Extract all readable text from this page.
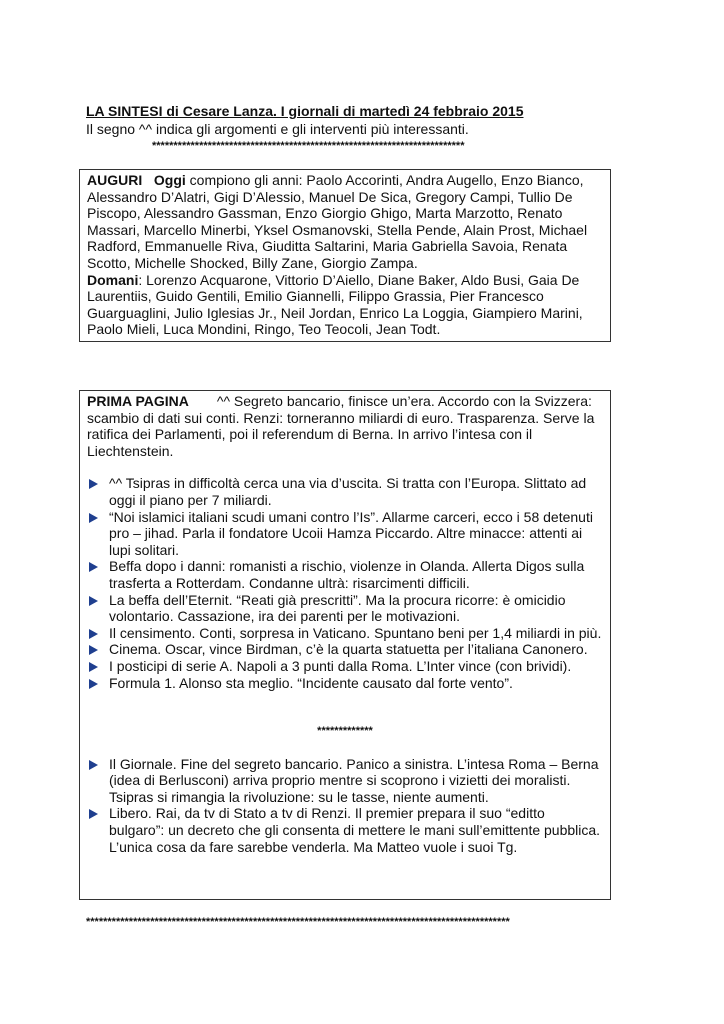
LA SINTESI di Cesare Lanza. I giornali di martedì 24 febbraio 2015
Il segno ^^ indica gli argomenti e gli interventi più interessanti.
*************************************************************************

AUGURI Oggi compiono gli anni: Paolo Accorinti, Andra Augello, Enzo Bianco, Alessandro D’Alatri, Gigi D’Alessio, Manuel De Sica, Gregory Campi, Tullio De Piscopo, Alessandro Gassman, Enzo Giorgio Ghigo, Marta Marzotto, Renato Massari, Marcello Minerbi, Yksel Osmanovski, Stella Pende, Alain Prost, Michael Radford, Emmanuelle Riva, Giuditta Saltarini, Maria Gabriella Savoia, Renata Scotto, Michelle Shocked, Billy Zane, Giorgio Zampa.

Domani: Lorenzo Acquarone, Vittorio D’Aiello, Diane Baker, Aldo Busi, Gaia De Laurentiis, Guido Gentili, Emilio Giannelli, Filippo Grassia, Pier Francesco Guarguaglini, Julio Iglesias Jr., Neil Jordan, Enrico La Loggia, Giampiero Marini, Paolo Mieli, Luca Mondini, Ringo, Teo Teocoli, Jean Todt.

PRIMA PAGINA ^^ Segreto bancario, finisce un’era. Accordo con la Svizzera: scambio di dati sui conti. Renzi: torneranno miliardi di euro. Trasparenza. Serve la ratifica dei Parlamenti, poi il referendum di Berna. In arrivo l’intesa con il Liechtenstein.

^^ Tsipras in difficoltà cerca una via d’uscita. Si tratta con l’Europa. Slittato ad oggi il piano per 7 miliardi.
“Noi islamici italiani scudi umani contro l’Is”. Allarme carceri, ecco i 58 detenuti pro – jihad. Parla il fondatore Ucoii Hamza Piccardo. Altre minacce: attenti ai lupi solitari.
Beffa dopo i danni: romanisti a rischio, violenze in Olanda. Allerta Digos sulla trasferta a Rotterdam. Condanne ultrà: risarcimenti difficili.
La beffa dell’Eternit. “Reati già prescritti”. Ma la procura ricorre: è omicidio volontario. Cassazione, ira dei parenti per le motivazioni.
Il censimento. Conti, sorpresa in Vaticano. Spuntano beni per 1,4 miliardi in più.
Cinema. Oscar, vince Birdman, c’è la quarta statuetta per l’italiana Canonero.
I posticipi di serie A. Napoli a 3 punti dalla Roma. L’Inter vince (con brividi).
Formula 1. Alonso sta meglio. “Incidente causato dal forte vento”.

*************

Il Giornale. Fine del segreto bancario. Panico a sinistra. L’intesa Roma – Berna (idea di Berlusconi) arriva proprio mentre si scoprono i vizietti dei moralisti. Tsipras si rimangia la rivoluzione: su le tasse, niente aumenti.
Libero. Rai, da tv di Stato a tv di Renzi. Il premier prepara il suo “editto bulgaro”: un decreto che gli consenta di mettere le mani sull’emittente pubblica. L’unica cosa da fare sarebbe venderla. Ma Matteo vuole i suoi Tg.
***************************************************************************************************
